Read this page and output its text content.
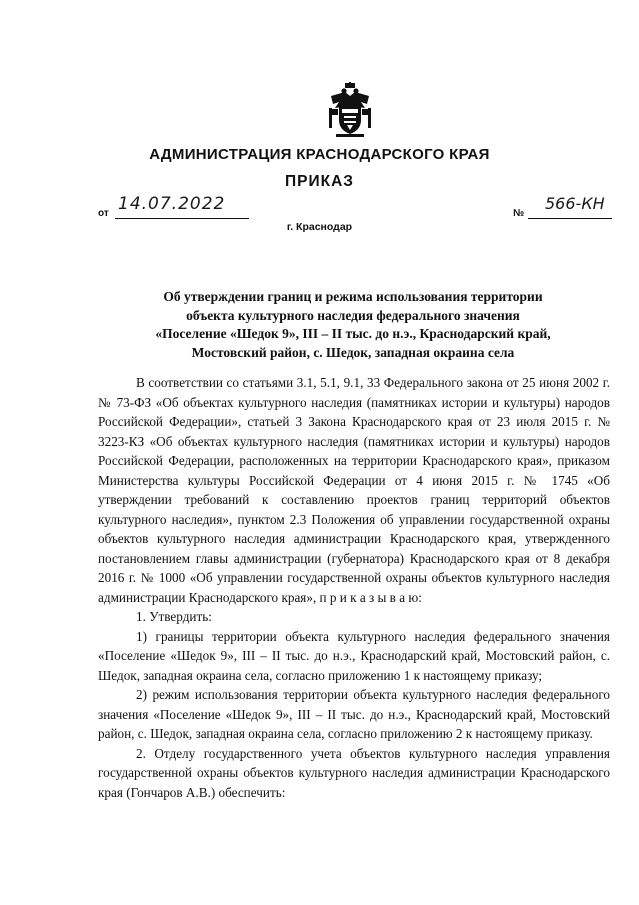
АДМИНИСТРАЦИЯ КРАСНОДАРСКОГО КРАЯ
ПРИКАЗ
от 14.07.2022
г. Краснодар
№
566-КН
Об утверждении границ и режима использования территории
объекта культурного наследия федерального значения
«Поселение «Шедок 9», III – II тыс. до н.э., Краснодарский край,
Мостовский район, с. Шедок, западная окраина села

В соответствии со статьями 3.1, 5.1, 9.1, 33 Федерального закона от 25 июня 2002 г. № 73-ФЗ «Об объектах культурного наследия (памятниках истории и культуры) народов Российской Федерации», статьей 3 Закона Краснодарского края от 23 июля 2015 г. № 3223-КЗ «Об объектах культурного наследия (памятниках истории и культуры) народов Российской Федерации, расположенных на территории Краснодарского края», приказом Министерства культуры Российской Федерации от 4 июня 2015 г. № 1745 «Об утверждении требований к составлению проектов границ территорий объектов культурного наследия», пунктом 2.3 Положения об управлении государственной охраны объектов культурного наследия администрации Краснодарского края, утвержденного постановлением главы администрации (губернатора) Краснодарского края от 8 декабря 2016 г. № 1000 «Об управлении государственной охраны объектов культурного наследия администрации Краснодарского края», п р и к а з ы в а ю:

1. Утвердить:

1) границы территории объекта культурного наследия федерального значения «Поселение «Шедок 9», III – II тыс. до н.э., Краснодарский край, Мостовский район, с. Шедок, западная окраина села, согласно приложению 1 к настоящему приказу;

2) режим использования территории объекта культурного наследия федерального значения «Поселение «Шедок 9», III – II тыс. до н.э., Краснодарский край, Мостовский район, с. Шедок, западная окраина села, согласно приложению 2 к настоящему приказу.

2. Отделу государственного учета объектов культурного наследия управления государственной охраны объектов культурного наследия администрации Краснодарского края (Гончаров А.В.) обеспечить:
